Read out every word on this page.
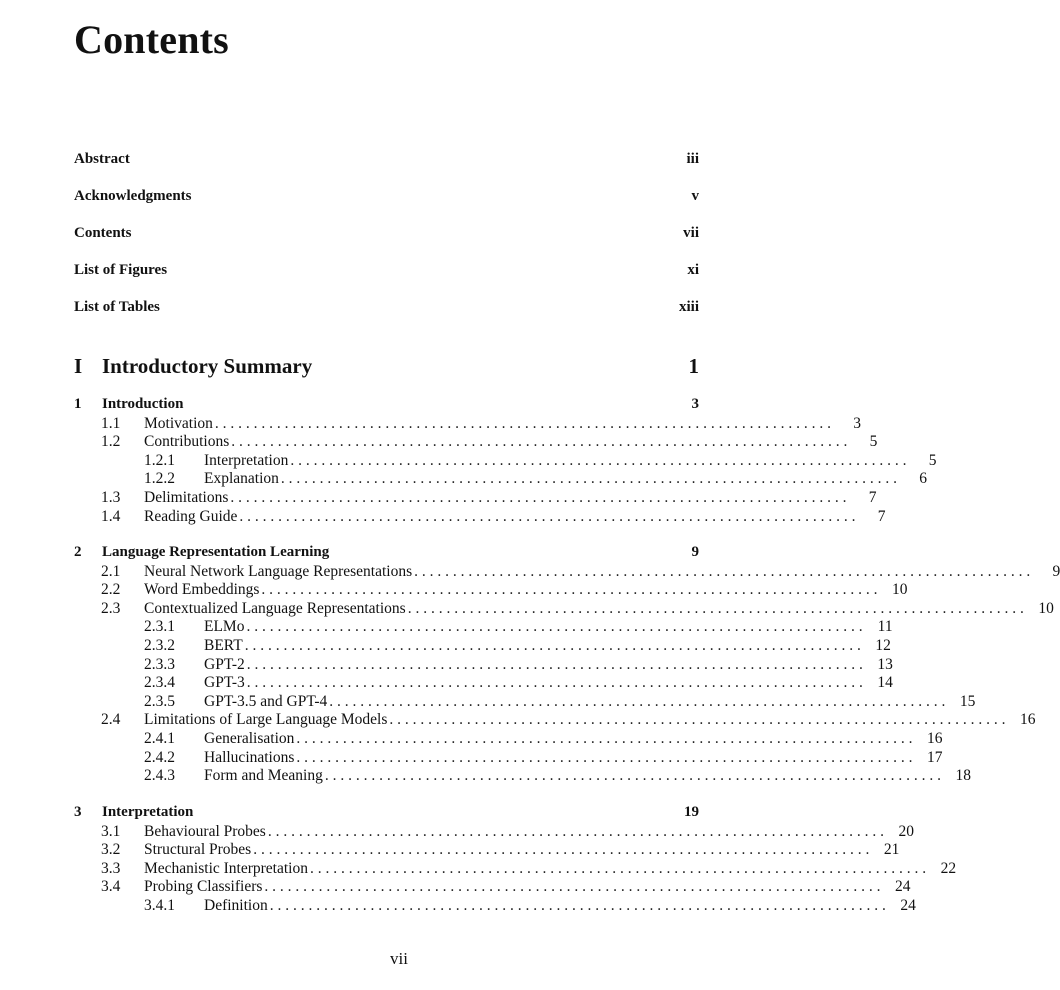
Contents
Abstract	iii
Acknowledgments	v
Contents	vii
List of Figures	xi
List of Tables	xiii
I Introductory Summary	1
1	Introduction	3
1.1	Motivation . . . . . . . . . . . . . . . . . . . . . . . . . . . . . . . . . . . . . . . . . . . . . . . . . . . . . . . . . . . . . . . . . . . . . . . . . . . . . . . .	3
1.2	Contributions . . . . . . . . . . . . . . . . . . . . . . . . . . . . . . . . . . . . . . . . . . . . . . . . . . . . . . . . . . . . . . . . . . . . . . . . . . . . . . . .	5
1.2.1	Interpretation . . . . . . . . . . . . . . . . . . . . . . . . . . . . . . . . . . . . . . . . . . . . . . . . . . . . . . . . . . . . . . . . . . . . . . . . . . . . . . . .	5
1.2.2	Explanation . . . . . . . . . . . . . . . . . . . . . . . . . . . . . . . . . . . . . . . . . . . . . . . . . . . . . . . . . . . . . . . . . . . . . . . . . . . . . . . .	6
1.3	Delimitations . . . . . . . . . . . . . . . . . . . . . . . . . . . . . . . . . . . . . . . . . . . . . . . . . . . . . . . . . . . . . . . . . . . . . . . . . . . . . . . .	7
1.4	Reading Guide . . . . . . . . . . . . . . . . . . . . . . . . . . . . . . . . . . . . . . . . . . . . . . . . . . . . . . . . . . . . . . . . . . . . . . . . . . . . . . . .	7
2	Language Representation Learning	9
2.1	Neural Network Language Representations . . . . . . . . . . . . . . . . . . . . . . . . . . . . . . . . . . . . . . . . . . . . . . . . . . . . . . . . . . . . . . . . . . . . . . . . . . . . . . . .	9
2.2	Word Embeddings . . . . . . . . . . . . . . . . . . . . . . . . . . . . . . . . . . . . . . . . . . . . . . . . . . . . . . . . . . . . . . . . . . . . . . . . . . . . . . . . 10
2.3	Contextualized Language Representations . . . . . . . . . . . . . . . . . . . . . . . . . . . . . . . . . . . . . . . . . . . . . . . . . . . . . . . . . . . . . . . . . . . . . . . . . . . . . . . . 10
2.3.1	ELMo . . . . . . . . . . . . . . . . . . . . . . . . . . . . . . . . . . . . . . . . . . . . . . . . . . . . . . . . . . . . . . . . . . . . . . . . . . . . . . . . 11
2.3.2	BERT . . . . . . . . . . . . . . . . . . . . . . . . . . . . . . . . . . . . . . . . . . . . . . . . . . . . . . . . . . . . . . . . . . . . . . . . . . . . . . . . 12
2.3.3	GPT-2 . . . . . . . . . . . . . . . . . . . . . . . . . . . . . . . . . . . . . . . . . . . . . . . . . . . . . . . . . . . . . . . . . . . . . . . . . . . . . . . . 13
2.3.4	GPT-3 . . . . . . . . . . . . . . . . . . . . . . . . . . . . . . . . . . . . . . . . . . . . . . . . . . . . . . . . . . . . . . . . . . . . . . . . . . . . . . . . 14
2.3.5	GPT-3.5 and GPT-4 . . . . . . . . . . . . . . . . . . . . . . . . . . . . . . . . . . . . . . . . . . . . . . . . . . . . . . . . . . . . . . . . . . . . . . . . . . . . . . . . 15
2.4	Limitations of Large Language Models . . . . . . . . . . . . . . . . . . . . . . . . . . . . . . . . . . . . . . . . . . . . . . . . . . . . . . . . . . . . . . . . . . . . . . . . . . . . . . . . 16
2.4.1	Generalisation . . . . . . . . . . . . . . . . . . . . . . . . . . . . . . . . . . . . . . . . . . . . . . . . . . . . . . . . . . . . . . . . . . . . . . . . . . . . . . . . 16
2.4.2	Hallucinations . . . . . . . . . . . . . . . . . . . . . . . . . . . . . . . . . . . . . . . . . . . . . . . . . . . . . . . . . . . . . . . . . . . . . . . . . . . . . . . . 17
2.4.3	Form and Meaning . . . . . . . . . . . . . . . . . . . . . . . . . . . . . . . . . . . . . . . . . . . . . . . . . . . . . . . . . . . . . . . . . . . . . . . . . . . . . . . . 18
3	Interpretation	19
3.1	Behavioural Probes . . . . . . . . . . . . . . . . . . . . . . . . . . . . . . . . . . . . . . . . . . . . . . . . . . . . . . . . . . . . . . . . . . . . . . . . . . . . . . . . 20
3.2	Structural Probes . . . . . . . . . . . . . . . . . . . . . . . . . . . . . . . . . . . . . . . . . . . . . . . . . . . . . . . . . . . . . . . . . . . . . . . . . . . . . . . . 21
3.3	Mechanistic Interpretation . . . . . . . . . . . . . . . . . . . . . . . . . . . . . . . . . . . . . . . . . . . . . . . . . . . . . . . . . . . . . . . . . . . . . . . . . . . . . . . . 22
3.4	Probing Classifiers . . . . . . . . . . . . . . . . . . . . . . . . . . . . . . . . . . . . . . . . . . . . . . . . . . . . . . . . . . . . . . . . . . . . . . . . . . . . . . . . 24
3.4.1	Definition . . . . . . . . . . . . . . . . . . . . . . . . . . . . . . . . . . . . . . . . . . . . . . . . . . . . . . . . . . . . . . . . . . . . . . . . . . . . . . . . 24
vii
